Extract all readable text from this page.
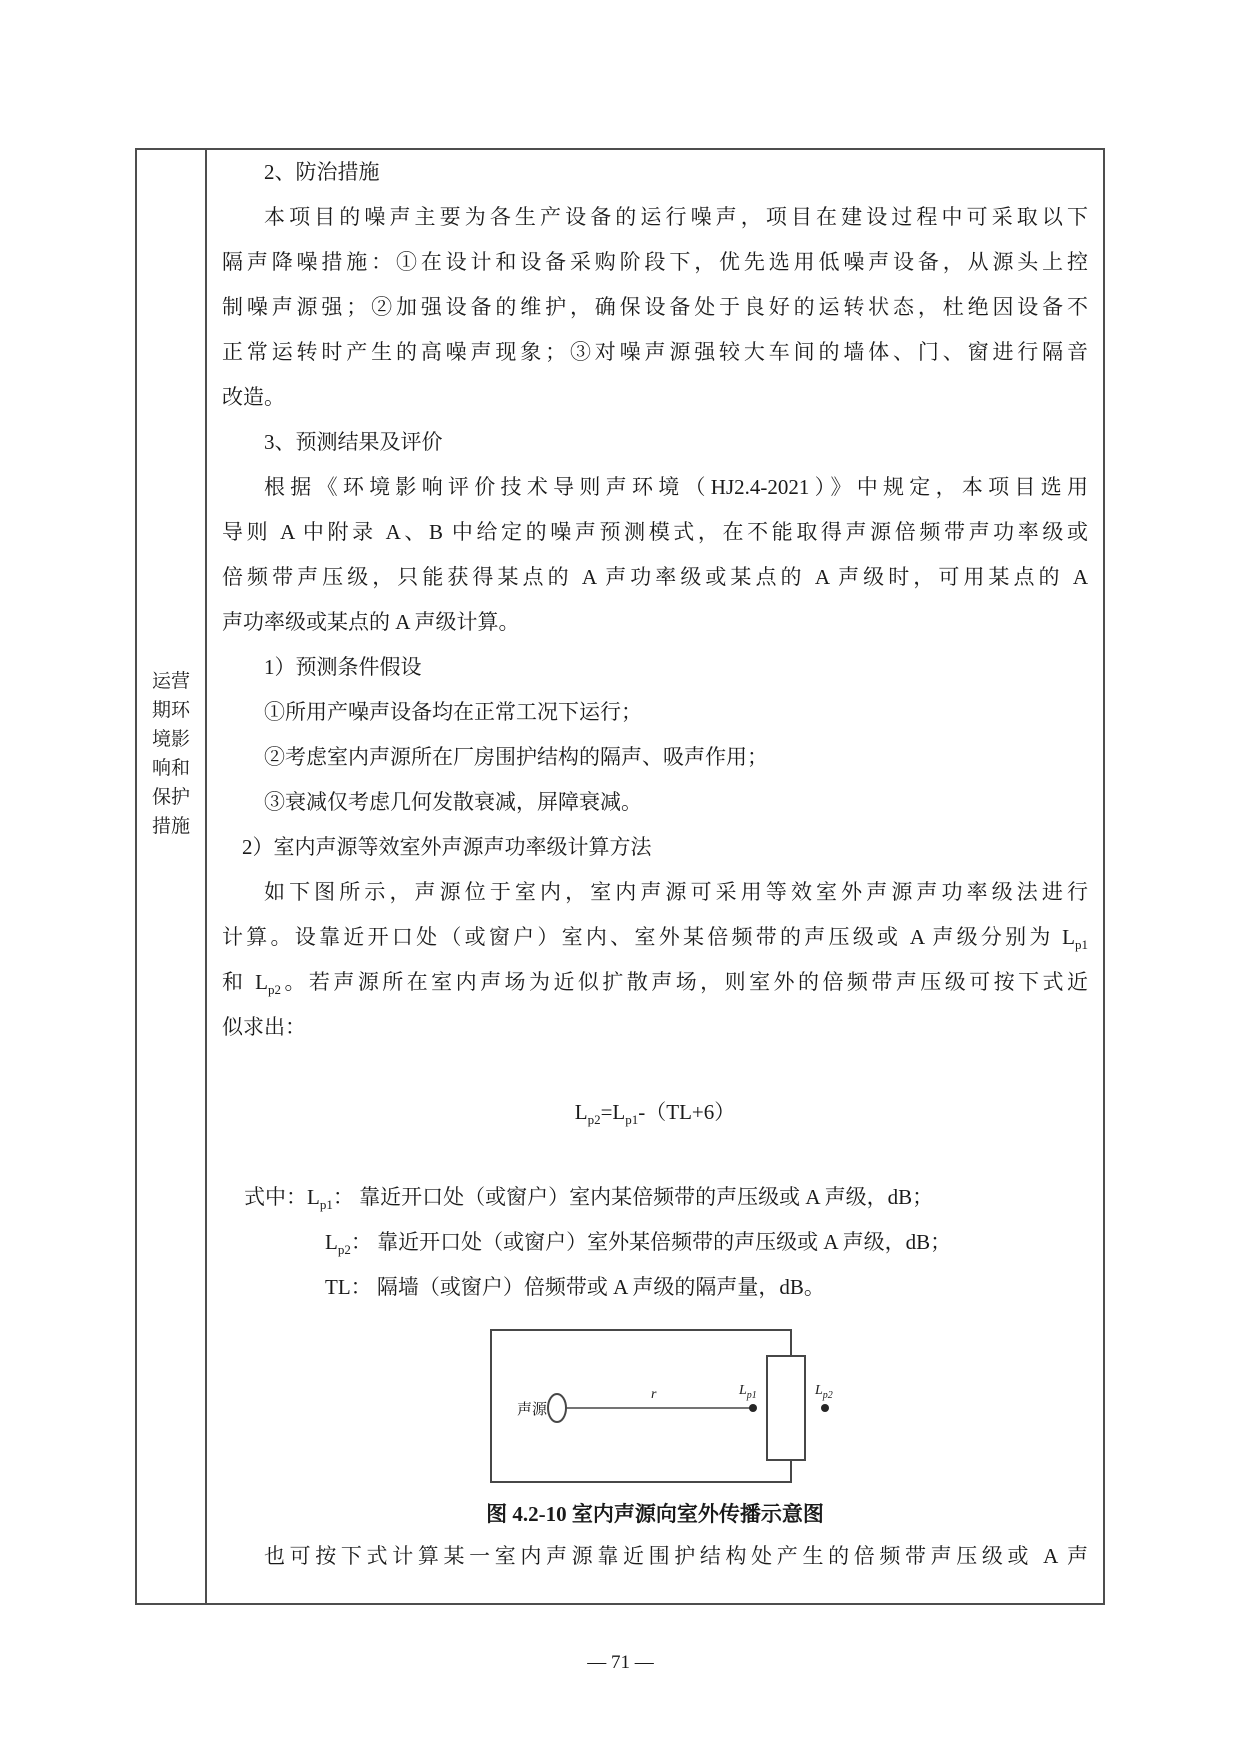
运营
期环
境影
响和
保护
措施
2、防治措施
本项目的噪声主要为各生产设备的运行噪声，项目在建设过程中可采取以下
隔声降噪措施：①在设计和设备采购阶段下，优先选用低噪声设备，从源头上控
制噪声源强；②加强设备的维护，确保设备处于良好的运转状态，杜绝因设备不
正常运转时产生的高噪声现象；③对噪声源强较大车间的墙体、门、窗进行隔音
改造。
3、预测结果及评价
根据《环境影响评价技术导则声环境（HJ2.4-2021）》中规定，本项目选用
导则 A 中附录 A、B 中给定的噪声预测模式，在不能取得声源倍频带声功率级或
倍频带声压级，只能获得某点的 A 声功率级或某点的 A 声级时，可用某点的 A
声功率级或某点的 A 声级计算。
1）预测条件假设
①所用产噪声设备均在正常工况下运行；
②考虑室内声源所在厂房围护结构的隔声、吸声作用；
③衰减仅考虑几何发散衰减，屏障衰减。
2）室内声源等效室外声源声功率级计算方法
如下图所示，声源位于室内，室内声源可采用等效室外声源声功率级法进行
计算。设靠近开口处（或窗户）室内、室外某倍频带的声压级或 A 声级分别为 $L_{p1}$
和 $L_{p2}$。若声源所在室内声场为近似扩散声场，则室外的倍频带声压级可按下式近
似求出：
$L_{p2}=L_{p1}-(TL+6)$
式中：$L_{p1}$： 靠近开口处（或窗户）室内某倍频带的声压级或 A 声级，dB；
$L_{p2}$： 靠近开口处（或窗户）室外某倍频带的声压级或 A 声级，dB；
TL： 隔墙（或窗户）倍频带或 A 声级的隔声量，dB。
声源
r	$L_{p1}$	$L_{p2}$
图 4.2-10 室内声源向室外传播示意图
也可按下式计算某一室内声源靠近围护结构处产生的倍频带声压级或 A 声
— 71 —
